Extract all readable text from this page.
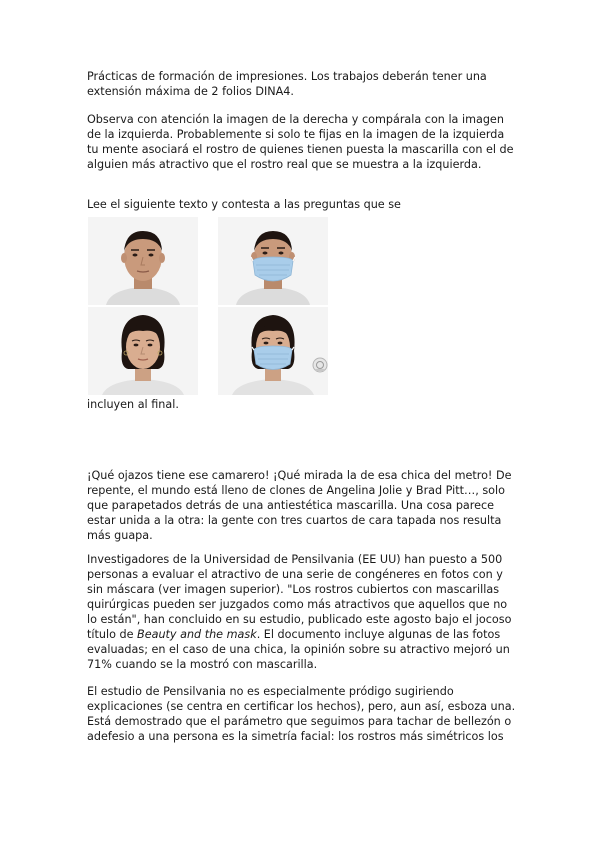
Prácticas de formación de impresiones. Los trabajos deberán tener una extensión máxima de 2 folios DINA4.

Observa con atención la imagen de la derecha y compárala con la imagen de la izquierda. Probablemente si solo te fijas en la imagen de la izquierda tu mente asociará el rostro de quienes tienen puesta la mascarilla con el de alguien más atractivo que el rostro real que se muestra a la izquierda.

Lee el siguiente texto y contesta a las preguntas que se

incluyen al final.

¡Qué ojazos tiene ese camarero! ¡Qué mirada la de esa chica del metro! De repente, el mundo está lleno de clones de Angelina Jolie y Brad Pitt…, solo que parapetados detrás de una antiestética mascarilla. Una cosa parece estar unida a la otra: la gente con tres cuartos de cara tapada nos resulta más guapa.

Investigadores de la Universidad de Pensilvania (EE UU) han puesto a 500 personas a evaluar el atractivo de una serie de congéneres en fotos con y sin máscara (ver imagen superior). "Los rostros cubiertos con mascarillas quirúrgicas pueden ser juzgados como más atractivos que aquellos que no lo están", han concluido en su estudio, publicado este agosto bajo el jocoso título de Beauty and the mask. El documento incluye algunas de las fotos evaluadas; en el caso de una chica, la opinión sobre su atractivo mejoró un 71% cuando se la mostró con mascarilla.

El estudio de Pensilvania no es especialmente pródigo sugiriendo explicaciones (se centra en certificar los hechos), pero, aun así, esboza una. Está demostrado que el parámetro que seguimos para tachar de bellezón o adefesio a una persona es la simetría facial: los rostros más simétricos los
